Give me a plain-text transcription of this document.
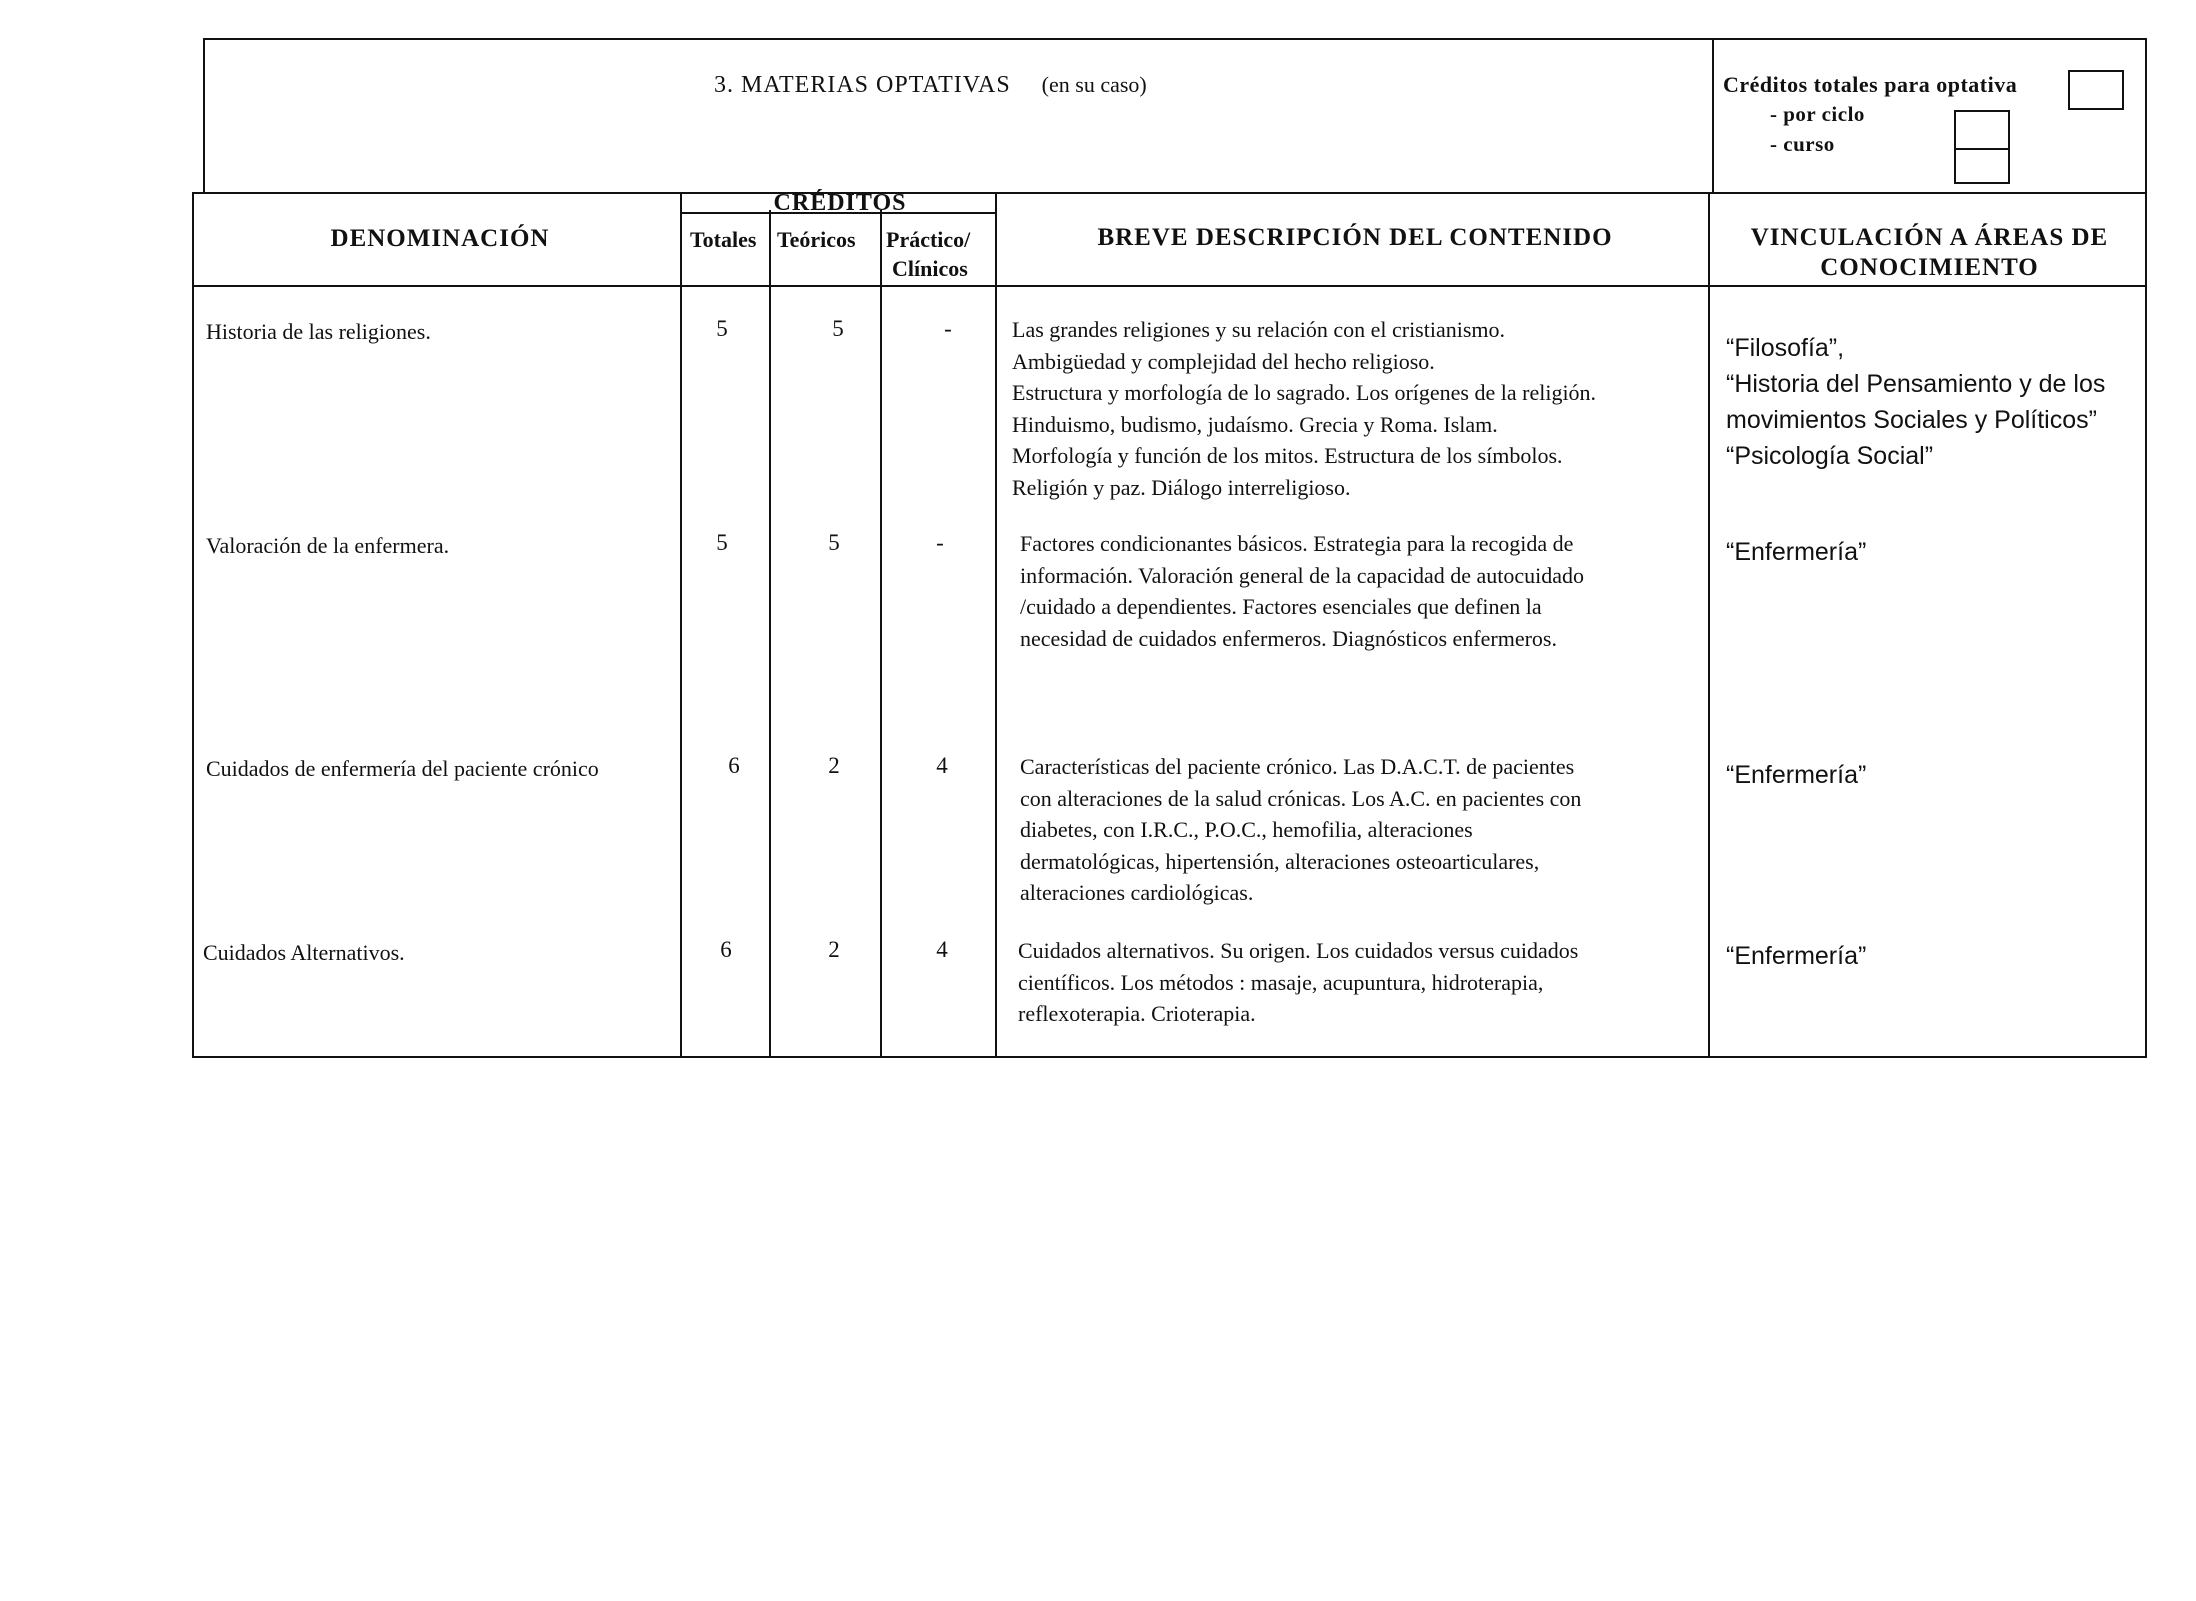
3. MATERIAS OPTATIVAS (en su caso)	Créditos totales para optativa
- por ciclo
- curso
DENOMINACIÓN
CRÉDITOS
Totales Teóricos Práctico/
Clínicos
BREVE DESCRIPCIÓN DEL CONTENIDO	VINCULACIÓN A ÁREAS DE
CONOCIMIENTO
Historia de las religiones.	5	5	-	Las grandes religiones y su relación con el cristianismo.
Ambigüedad y complejidad del hecho religioso.
Estructura y morfología de lo sagrado. Los orígenes de la religión.
Hinduismo, budismo, judaísmo. Grecia y Roma. Islam.
Morfología y función de los mitos. Estructura de los símbolos.
Religión y paz. Diálogo interreligioso.
“Filosofía”,
“Historia del Pensamiento y de los
movimientos Sociales y Políticos”
“Psicología Social”
Valoración de la enfermera.	5	5	-	Factores condicionantes básicos. Estrategia para la recogida de
información. Valoración general de la capacidad de autocuidado
/cuidado a dependientes. Factores esenciales que definen la
necesidad de cuidados enfermeros. Diagnósticos enfermeros.
“Enfermería”
Cuidados de enfermería del paciente crónico	6	2	4	Características del paciente crónico. Las D.A.C.T. de pacientes
con alteraciones de la salud crónicas. Los A.C. en pacientes con
diabetes, con I.R.C., P.O.C., hemofilia, alteraciones
dermatológicas, hipertensión, alteraciones osteoarticulares,
alteraciones cardiológicas.
“Enfermería”
Cuidados Alternativos.	6	2	4	Cuidados alternativos. Su origen. Los cuidados versus cuidados
científicos. Los métodos : masaje, acupuntura, hidroterapia,
reflexoterapia. Crioterapia.
“Enfermería”
